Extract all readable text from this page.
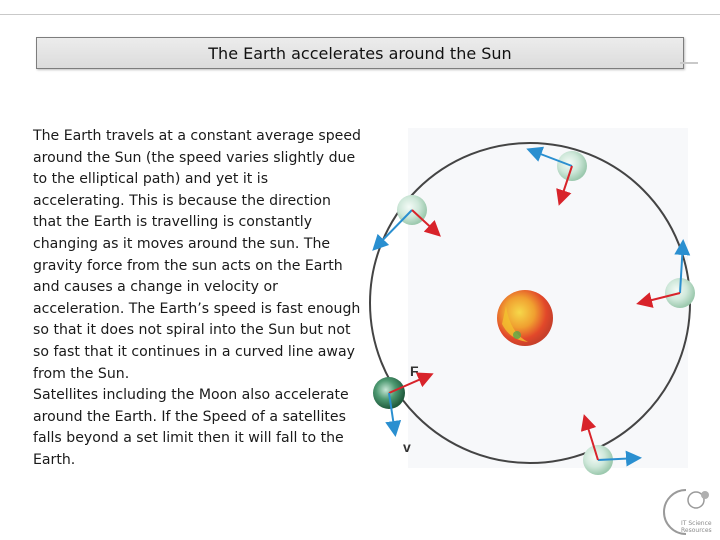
The Earth accelerates around the Sun
The Earth travels at a constant average speed around the Sun (the speed varies slightly due to the elliptical path) and yet it is accelerating. This is because the direction that the Earth is travelling is constantly changing as it moves around the sun. The gravity force from the sun acts on the Earth and causes a change in velocity or acceleration. The Earth’s speed is fast enough so that it does not spiral into the Sun but not so fast that it continues in a curved line away from the Sun.
Satellites including the Moon also accelerate around the Earth. If the Speed of a satellites falls beyond a set limit then it will fall to the Earth.
F
v
IT Science
Resources
